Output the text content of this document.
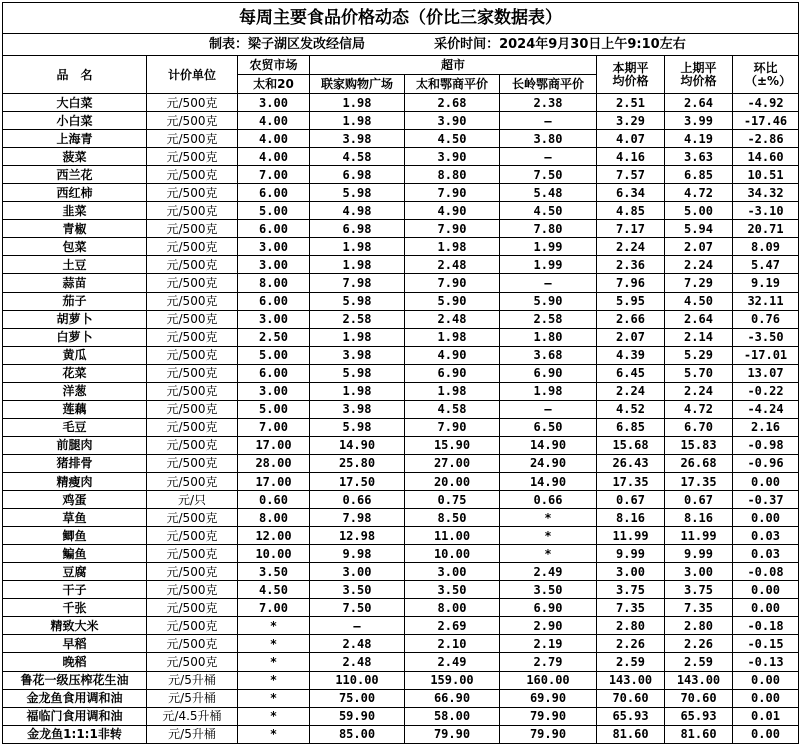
每周主要食品价格动态（价比三家数据表）								
制表：梁子湖区发改经信局 采价时间：2024年9月30日上午9:10左右								
品　名	计价单位	农贸市场	超市			本期平均价格	上期平均价格	环比（±%）
		太和20	联家购物广场	太和鄂商平价	长岭鄂商平价			
大白菜	元/500克	3.00	1.98	2.68	2.38	2.51	2.64	-4.92
小白菜	元/500克	4.00	1.98	3.90	–	3.29	3.99	-17.46
上海青	元/500克	4.00	3.98	4.50	3.80	4.07	4.19	-2.86
菠菜	元/500克	4.00	4.58	3.90	–	4.16	3.63	14.60
西兰花	元/500克	7.00	6.98	8.80	7.50	7.57	6.85	10.51
西红柿	元/500克	6.00	5.98	7.90	5.48	6.34	4.72	34.32
韭菜	元/500克	5.00	4.98	4.90	4.50	4.85	5.00	-3.10
青椒	元/500克	6.00	6.98	7.90	7.80	7.17	5.94	20.71
包菜	元/500克	3.00	1.98	1.98	1.99	2.24	2.07	8.09
土豆	元/500克	3.00	1.98	2.48	1.99	2.36	2.24	5.47
蒜苗	元/500克	8.00	7.98	7.90	–	7.96	7.29	9.19
茄子	元/500克	6.00	5.98	5.90	5.90	5.95	4.50	32.11
胡萝卜	元/500克	3.00	2.58	2.48	2.58	2.66	2.64	0.76
白萝卜	元/500克	2.50	1.98	1.98	1.80	2.07	2.14	-3.50
黄瓜	元/500克	5.00	3.98	4.90	3.68	4.39	5.29	-17.01
花菜	元/500克	6.00	5.98	6.90	6.90	6.45	5.70	13.07
洋葱	元/500克	3.00	1.98	1.98	1.98	2.24	2.24	-0.22
莲藕	元/500克	5.00	3.98	4.58	–	4.52	4.72	-4.24
毛豆	元/500克	7.00	5.98	7.90	6.50	6.85	6.70	2.16
前腿肉	元/500克	17.00	14.90	15.90	14.90	15.68	15.83	-0.98
猪排骨	元/500克	28.00	25.80	27.00	24.90	26.43	26.68	-0.96
精瘦肉	元/500克	17.00	17.50	20.00	14.90	17.35	17.35	0.00
鸡蛋	元/只	0.60	0.66	0.75	0.66	0.67	0.67	-0.37
草鱼	元/500克	8.00	7.98	8.50	*	8.16	8.16	0.00
鲫鱼	元/500克	12.00	12.98	11.00	*	11.99	11.99	0.03
鳊鱼	元/500克	10.00	9.98	10.00	*	9.99	9.99	0.03
豆腐	元/500克	3.50	3.00	3.00	2.49	3.00	3.00	-0.08
干子	元/500克	4.50	3.50	3.50	3.50	3.75	3.75	0.00
千张	元/500克	7.00	7.50	8.00	6.90	7.35	7.35	0.00
精致大米	元/500克	*	–	2.69	2.90	2.80	2.80	-0.18
早稻	元/500克	*	2.48	2.10	2.19	2.26	2.26	-0.15
晚稻	元/500克	*	2.48	2.49	2.79	2.59	2.59	-0.13
鲁花一级压榨花生油	元/5升桶	*	110.00	159.00	160.00	143.00	143.00	0.00
金龙鱼食用调和油	元/5升桶	*	75.00	66.90	69.90	70.60	70.60	0.00
福临门食用调和油	元/4.5升桶	*	59.90	58.00	79.90	65.93	65.93	0.01
金龙鱼1:1:1非转	元/5升桶	*	85.00	79.90	79.90	81.60	81.60	0.00
